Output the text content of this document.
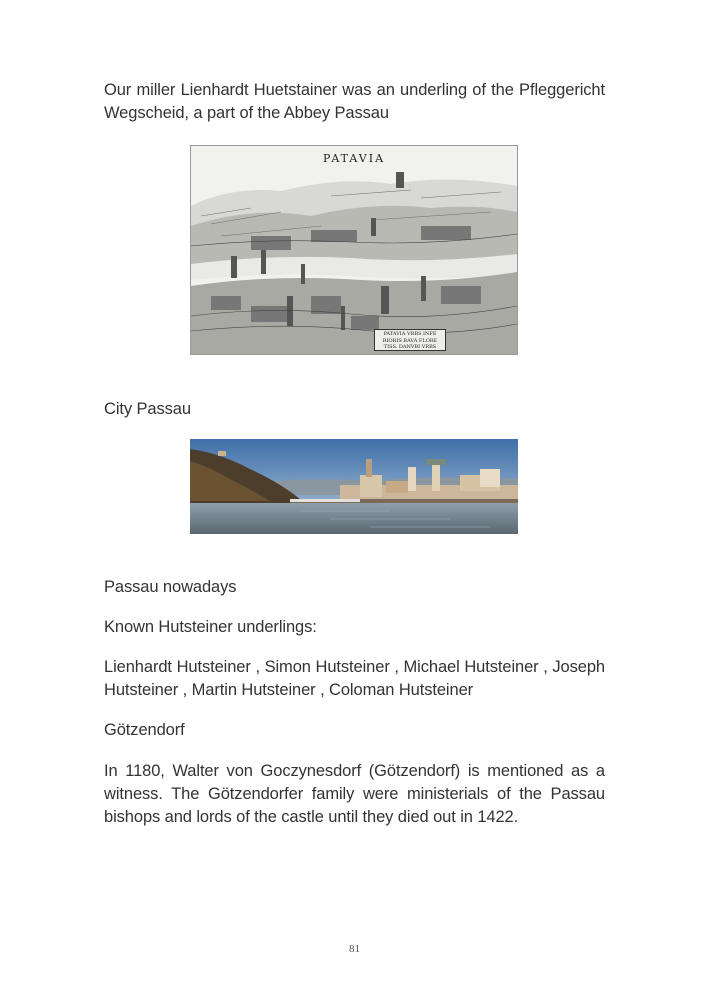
Our miller Lienhardt Huetstainer was an underling of the Pfleggericht Wegscheid, a part of the Abbey Passau

PATAVIA
PATAVIA VRBS INFE
RIORIS BAVA FLORE
TISS. DANVBI VRBS

City Passau

Passau nowadays

Known Hutsteiner underlings:

Lienhardt Hutsteiner , Simon Hutsteiner , Michael Hutsteiner , Joseph Hutsteiner , Martin Hutsteiner , Coloman Hutsteiner

Götzendorf

In 1180, Walter von Goczynesdorf (Götzendorf) is mentioned as a witness. The Götzendorfer family were ministerials of the Passau bishops and lords of the castle until they died out in 1422.

81
